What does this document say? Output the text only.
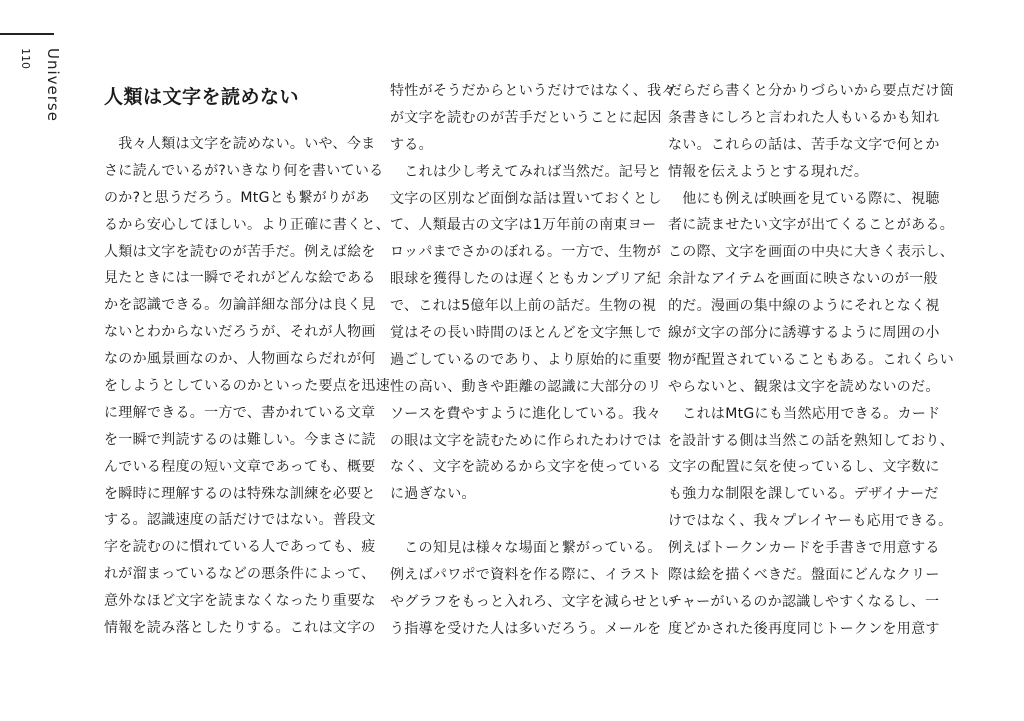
Universe
110
人類は文字を読めない
　我々人類は文字を読めない。いや、今ま
さに読んでいるが?いきなり何を書いている
のか?と思うだろう。MtGとも繋がりがあ
るから安心してほしい。より正確に書くと、
人類は文字を読むのが苦手だ。例えば絵を
見たときには一瞬でそれがどんな絵である
かを認識できる。勿論詳細な部分は良く見
ないとわからないだろうが、それが人物画
なのか風景画なのか、人物画ならだれが何
をしようとしているのかといった要点を迅速
に理解できる。一方で、書かれている文章
を一瞬で判読するのは難しい。今まさに読
んでいる程度の短い文章であっても、概要
を瞬時に理解するのは特殊な訓練を必要と
する。認識速度の話だけではない。普段文
字を読むのに慣れている人であっても、疲
れが溜まっているなどの悪条件によって、
意外なほど文字を読まなくなったり重要な
情報を読み落としたりする。これは文字の
特性がそうだからというだけではなく、我々
が文字を読むのが苦手だということに起因
する。
　これは少し考えてみれば当然だ。記号と
文字の区別など面倒な話は置いておくとし
て、人類最古の文字は1万年前の南東ヨー
ロッパまでさかのぼれる。一方で、生物が
眼球を獲得したのは遅くともカンブリア紀
で、これは5億年以上前の話だ。生物の視
覚はその長い時間のほとんどを文字無しで
過ごしているのであり、より原始的に重要
性の高い、動きや距離の認識に大部分のリ
ソースを費やすように進化している。我々
の眼は文字を読むために作られたわけでは
なく、文字を読めるから文字を使っている
に過ぎない。
　この知見は様々な場面と繋がっている。
例えばパワポで資料を作る際に、イラスト
やグラフをもっと入れろ、文字を減らせとい
う指導を受けた人は多いだろう。メールを
だらだら書くと分かりづらいから要点だけ箇
条書きにしろと言われた人もいるかも知れ
ない。これらの話は、苦手な文字で何とか
情報を伝えようとする現れだ。
　他にも例えば映画を見ている際に、視聴
者に読ませたい文字が出てくることがある。
この際、文字を画面の中央に大きく表示し、
余計なアイテムを画面に映さないのが一般
的だ。漫画の集中線のようにそれとなく視
線が文字の部分に誘導するように周囲の小
物が配置されていることもある。これくらい
やらないと、観衆は文字を読めないのだ。
　これはMtGにも当然応用できる。カード
を設計する側は当然この話を熟知しており、
文字の配置に気を使っているし、文字数に
も強力な制限を課している。デザイナーだ
けではなく、我々プレイヤーも応用できる。
例えばトークンカードを手書きで用意する
際は絵を描くべきだ。盤面にどんなクリー
チャーがいるのか認識しやすくなるし、一
度どかされた後再度同じトークンを用意す
